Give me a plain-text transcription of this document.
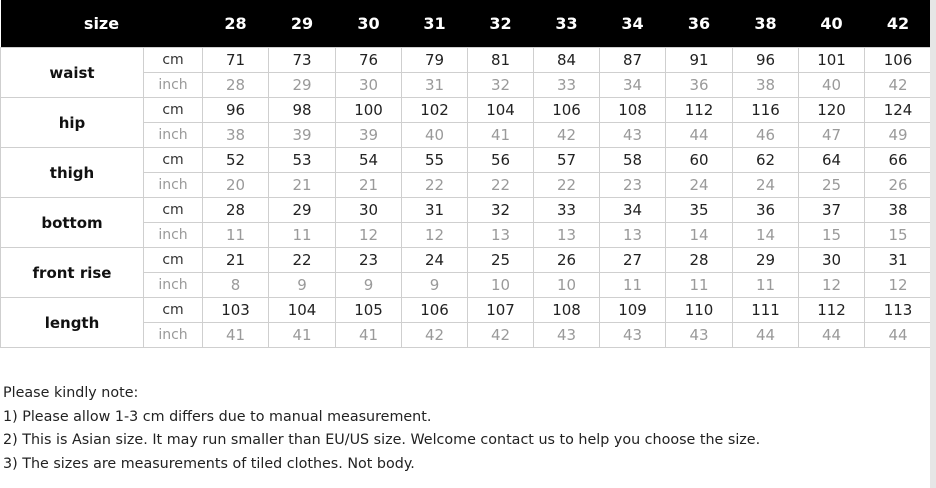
size		28	29	30	31	32	33	34	36	38	40	42
waist	cm	71	73	76	79	81	84	87	91	96	101	106
	inch	28	29	30	31	32	33	34	36	38	40	42
hip	cm	96	98	100	102	104	106	108	112	116	120	124
	inch	38	39	39	40	41	42	43	44	46	47	49
thigh	cm	52	53	54	55	56	57	58	60	62	64	66
	inch	20	21	21	22	22	22	23	24	24	25	26
bottom	cm	28	29	30	31	32	33	34	35	36	37	38
	inch	11	11	12	12	13	13	13	14	14	15	15
front rise	cm	21	22	23	24	25	26	27	28	29	30	31
	inch	8	9	9	9	10	10	11	11	11	12	12
length	cm	103	104	105	106	107	108	109	110	111	112	113
	inch	41	41	41	42	42	43	43	43	44	44	44
Please kindly note:
1) Please allow 1-3 cm differs due to manual measurement.
2) This is Asian size. It may run smaller than EU/US size. Welcome contact us to help you choose the size.
3) The sizes are measurements of tiled clothes. Not body.
